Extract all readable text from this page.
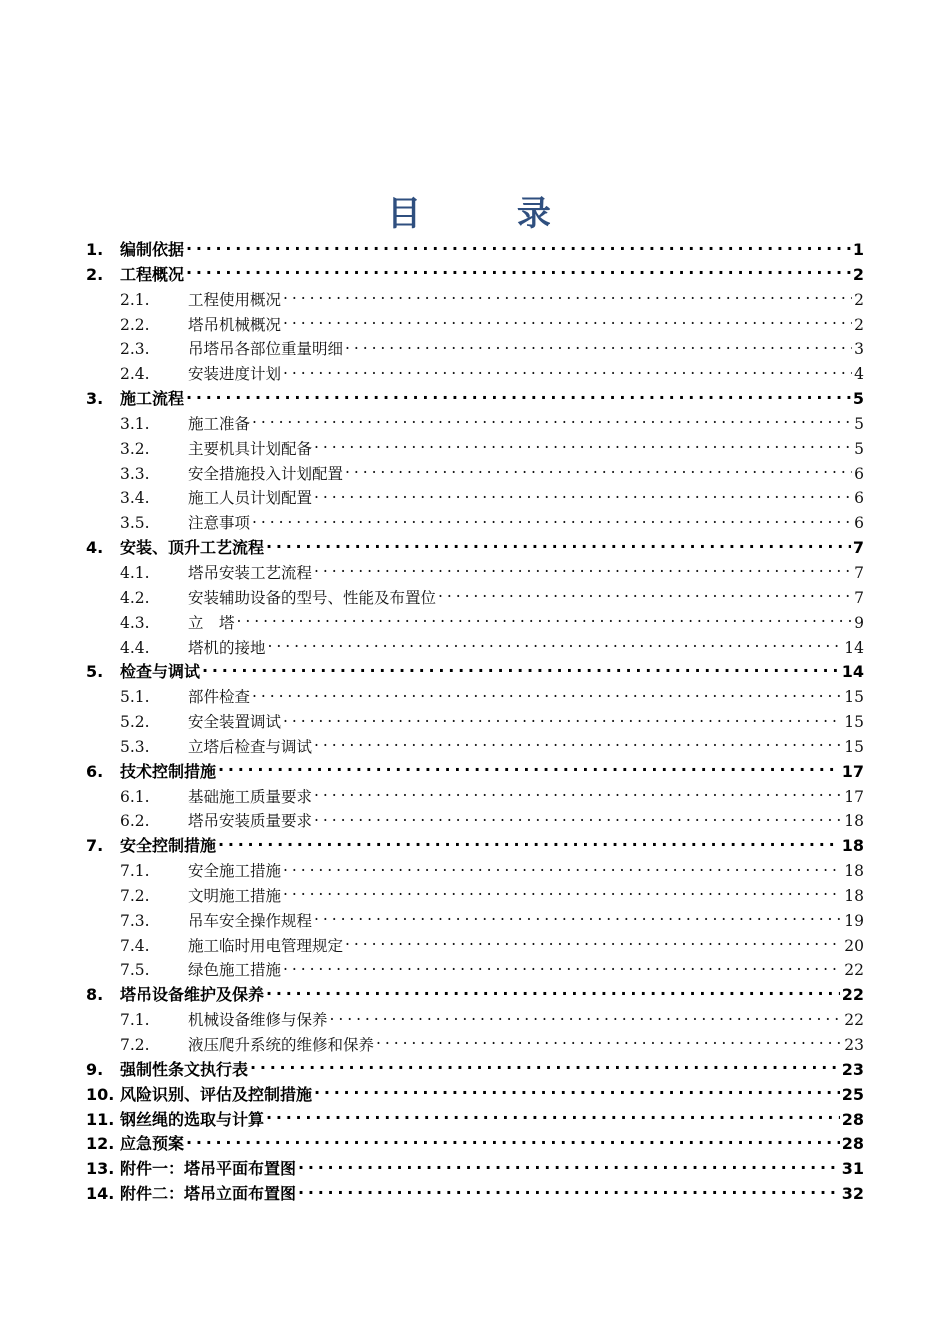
目 录
1.	编制依据 . . .	1
2.	工程概况 . . .	2
2.1.	工程使用概况 . . .	2
2.2.	塔吊机械概况 . . .	2
2.3.	吊塔吊各部位重量明细 . . .	3
2.4.	安装进度计划 . . .	4
3.	施工流程 . . .	5
3.1.	施工准备 . . .	5
3.2.	主要机具计划配备 . . .	5
3.3.	安全措施投入计划配置 . . .	6
3.4.	施工人员计划配置 . . .	6
3.5.	注意事项 . . .	6
4.	安装、顶升工艺流程 . . .	7
4.1.	塔吊安装工艺流程 . . .	7
4.2.	安装辅助设备的型号、性能及布置位 . . .	7
4.3.	立　塔 . . .	9
4.4.	塔机的接地 . . .	14
5.	检查与调试 . . .	14
5.1.	部件检查 . . .	15
5.2.	安全装置调试 . . .	15
5.3.	立塔后检查与调试 . . .	15
6.	技术控制措施 . . .	17
6.1.	基础施工质量要求 . . .	17
6.2.	塔吊安装质量要求 . . .	18
7.	安全控制措施 . . .	18
7.1.	安全施工措施 . . .	18
7.2.	文明施工措施 . . .	18
7.3.	吊车安全操作规程 . . .	19
7.4.	施工临时用电管理规定 . . .	20
7.5.	绿色施工措施 . . .	22
8.	塔吊设备维护及保养 . . .	22
7.1.	机械设备维修与保养 . . .	22
7.2.	液压爬升系统的维修和保养 . . .	23
9.	强制性条文执行表 . . .	23
10. 风险识别、评估及控制措施 . . .	25
11. 钢丝绳的选取与计算 . . .	28
12. 应急预案 . . .	28
13. 附件一：塔吊平面布置图 . . .	31
14. 附件二：塔吊立面布置图 . . .	32
